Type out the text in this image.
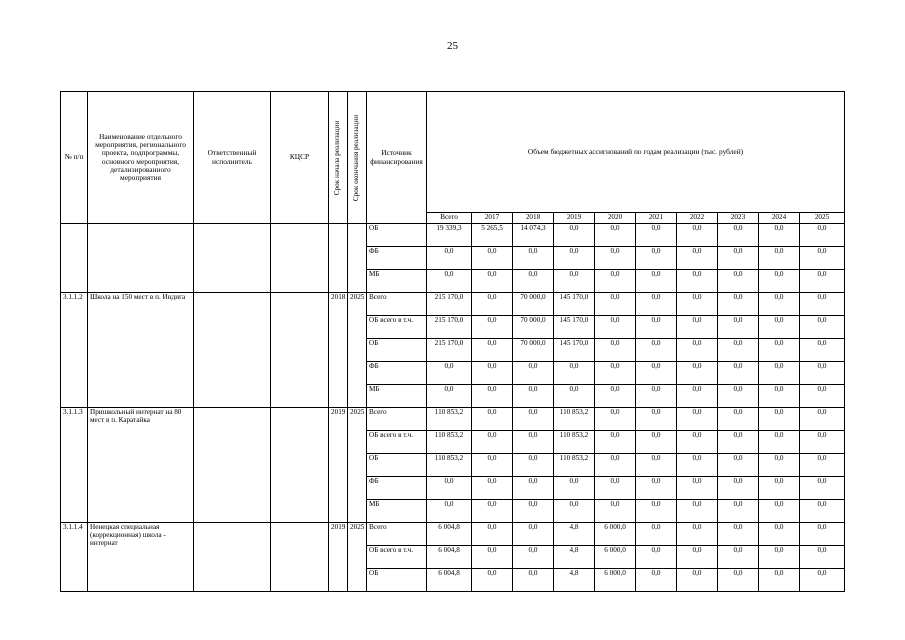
25
№ п/п	Наименование отдельного мероприятия, регионального проекта, подпрограммы, основного мероприятия, детализированного мероприятия	Ответственный исполнитель	КЦСР	Срок начала реализации	Срок окончания реализации	Источник финансирования	Объем бюджетных ассигнований по годам реализации (тыс. рублей)									
							Всего	2017	2018	2019	2020	2021	2022	2023	2024	2025
						ОБ	19 339,3	5 265,5	14 074,3	0,0	0,0	0,0	0,0	0,0	0,0	0,0
						ФБ	0,0	0,0	0,0	0,0	0,0	0,0	0,0	0,0	0,0	0,0
						МБ	0,0	0,0	0,0	0,0	0,0	0,0	0,0	0,0	0,0	0,0
3.1.1.2	Школа на 150 мест в п. Индига			2018	2025	Всего	215 170,0	0,0	70 000,0	145 170,0	0,0	0,0	0,0	0,0	0,0	0,0
						ОБ всего в т.ч.	215 170,0	0,0	70 000,0	145 170,0	0,0	0,0	0,0	0,0	0,0	0,0
						ОБ	215 170,0	0,0	70 000,0	145 170,0	0,0	0,0	0,0	0,0	0,0	0,0
						ФБ	0,0	0,0	0,0	0,0	0,0	0,0	0,0	0,0	0,0	0,0
						МБ	0,0	0,0	0,0	0,0	0,0	0,0	0,0	0,0	0,0	0,0
3.1.1.3	Пришкольный интернат на 80 мест в п. Каратайка			2019	2025	Всего	110 853,2	0,0	0,0	110 853,2	0,0	0,0	0,0	0,0	0,0	0,0
						ОБ всего в т.ч.	110 853,2	0,0	0,0	110 853,2	0,0	0,0	0,0	0,0	0,0	0,0
						ОБ	110 853,2	0,0	0,0	110 853,2	0,0	0,0	0,0	0,0	0,0	0,0
						ФБ	0,0	0,0	0,0	0,0	0,0	0,0	0,0	0,0	0,0	0,0
						МБ	0,0	0,0	0,0	0,0	0,0	0,0	0,0	0,0	0,0	0,0
3.1.1.4	Ненецкая специальная (коррекционная) школа - интернат			2019	2025	Всего	6 004,8	0,0	0,0	4,8	6 000,0	0,0	0,0	0,0	0,0	0,0
						ОБ всего в т.ч.	6 004,8	0,0	0,0	4,8	6 000,0	0,0	0,0	0,0	0,0	0,0
						ОБ	6 004,8	0,0	0,0	4,8	6 000,0	0,0	0,0	0,0	0,0	0,0
